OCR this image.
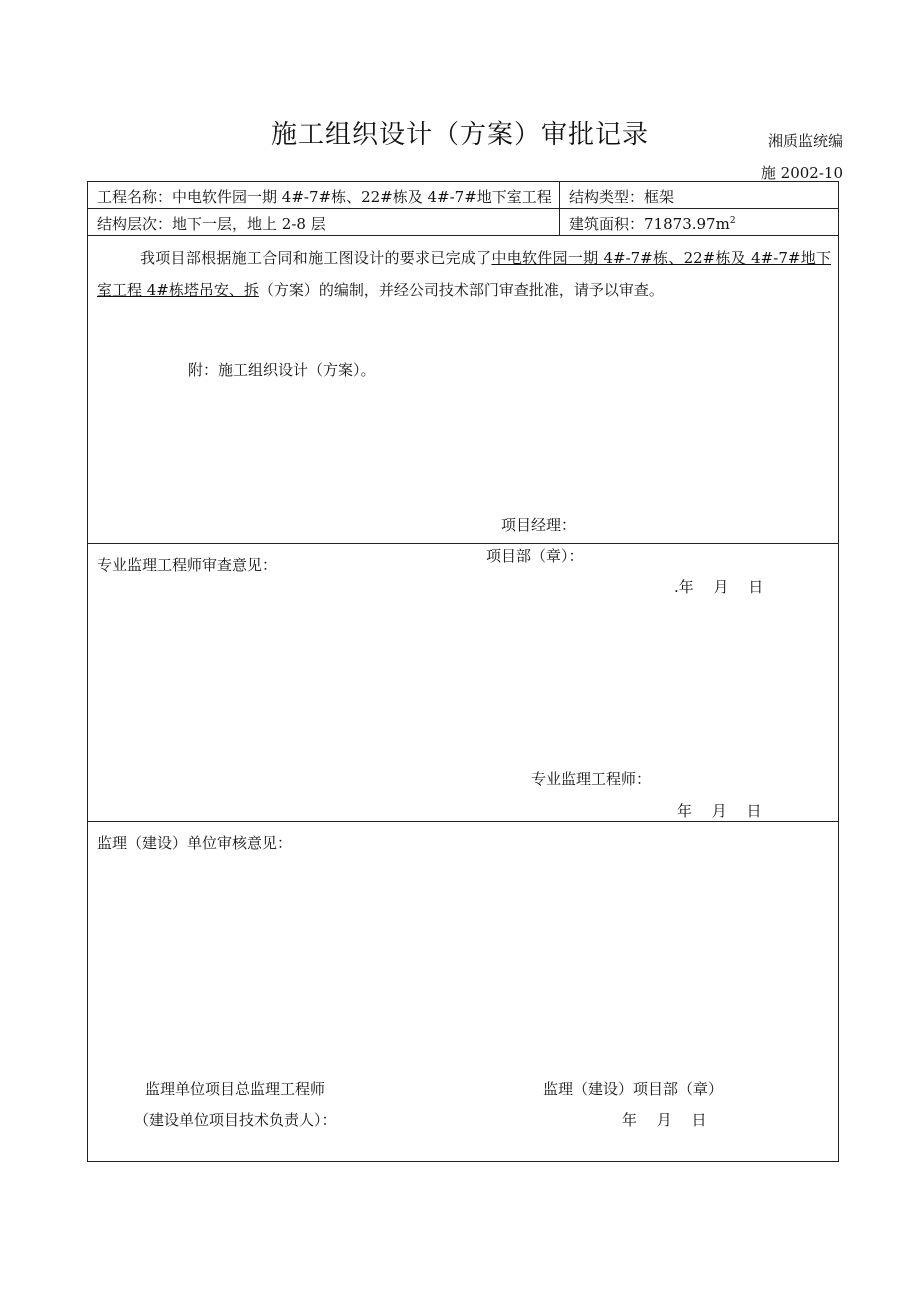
施工组织设计（方案）审批记录	湘质监统编
施 2002-10
工程名称：中电软件园一期 4#-7#栋、22#栋及 4#-7#地下室工程 结构类型：框架
结构层次：地下一层，地上 2-8 层	建筑面积：$71873.97m^2$
我项目部根据施工合同和施工图设计的要求已完成了中电软件园一期 4#-7#栋、22#栋及 4#-7#地下室工程 4#栋塔吊安、拆（方案）的编制，并经公司技术部门审查批准，请予以审查。
附：施工组织设计（方案）。
项目经理：
项目部（章）：
.年　 月　 日
专业监理工程师审查意见：
专业监理工程师：
年　 月　 日
监理（建设）单位审核意见：
监理单位项目总监理工程师
（建设单位项目技术负责人）：
监理（建设）项目部（章）
年　 月　 日
